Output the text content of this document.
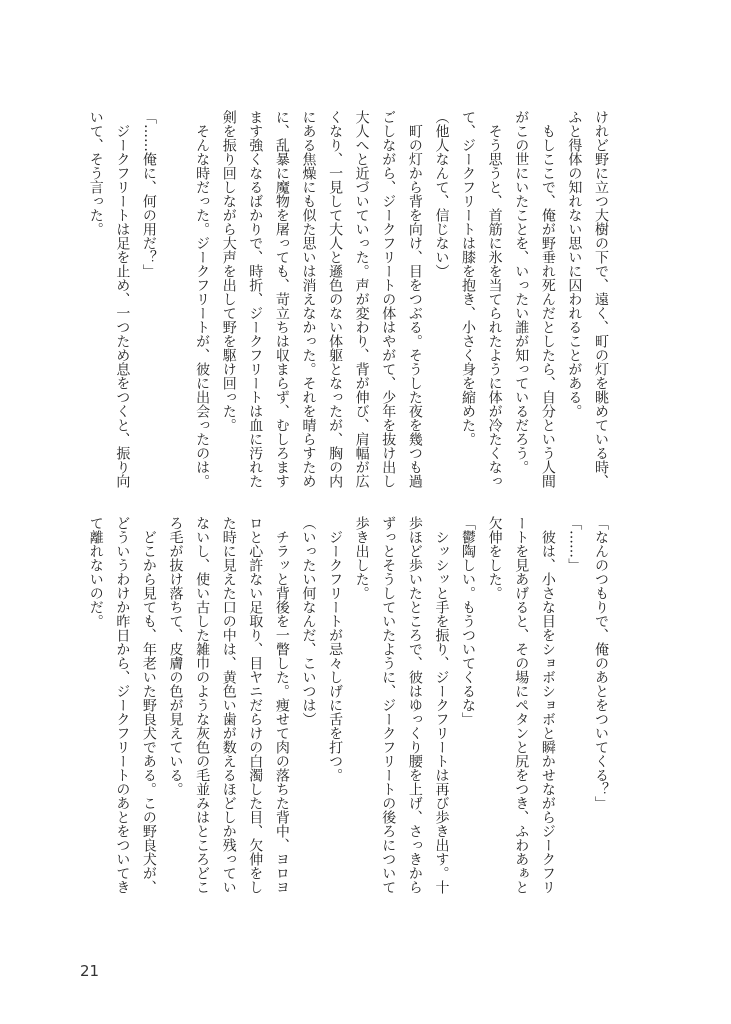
けれど野に立つ大樹の下で、遠く、町の灯を眺めている時、
ふと得体の知れない思いに囚われることがある。
　もしここで、俺が野垂れ死んだとしたら、自分という人間
がこの世にいたことを、いったい誰が知っているだろう。
　そう思うと、首筋に氷を当てられたように体が冷たくなっ
て、ジークフリートは膝を抱き、小さく身を縮めた。
（他人なんて、信じない）
　町の灯から背を向け、目をつぶる。そうした夜を幾つも過
ごしながら、ジークフリートの体はやがて、少年を抜け出し
大人へと近づいていった。声が変わり、背が伸び、肩幅が広
くなり、一見して大人と遜色のない体躯となったが、胸の内
にある焦燥にも似た思いは消えなかった。それを晴らすため
に、乱暴に魔物を屠っても、苛立ちは収まらず、むしろます
ます強くなるばかりで、時折、ジークフリートは血に汚れた
剣を振り回しながら大声を出して野を駆け回った。
　そんな時だった。ジークフリートが、彼に出会ったのは。
「……俺に、何の用だ？」
　ジークフリートは足を止め、一つため息をつくと、振り向
いて、そう言った。
「なんのつもりで、俺のあとをついてくる？」
「……」
　彼は、小さな目をショボショボと瞬かせながらジークフリ
ートを見あげると、その場にペタンと尻をつき、ふわあぁと
欠伸をした。
「鬱陶しい。もうついてくるな」
　シッシッと手を振り、ジークフリートは再び歩き出す。十
歩ほど歩いたところで、彼はゆっくり腰を上げ、さっきから
ずっとそうしていたように、ジークフリートの後ろについて
歩き出した。
　ジークフリートが忌々しげに舌を打つ。
（いったい何なんだ、こいつは）
　チラッと背後を一瞥した。痩せて肉の落ちた背中、ヨロヨ
ロと心許ない足取り、目ヤニだらけの白濁した目、欠伸をし
た時に見えた口の中は、黄色い歯が数えるほどしか残ってい
ないし、使い古した雑巾のような灰色の毛並みはところどこ
ろ毛が抜け落ちて、皮膚の色が見えている。
　どこから見ても、年老いた野良犬である。この野良犬が、
どういうわけか昨日から、ジークフリートのあとをついてき
て離れないのだ。
21
